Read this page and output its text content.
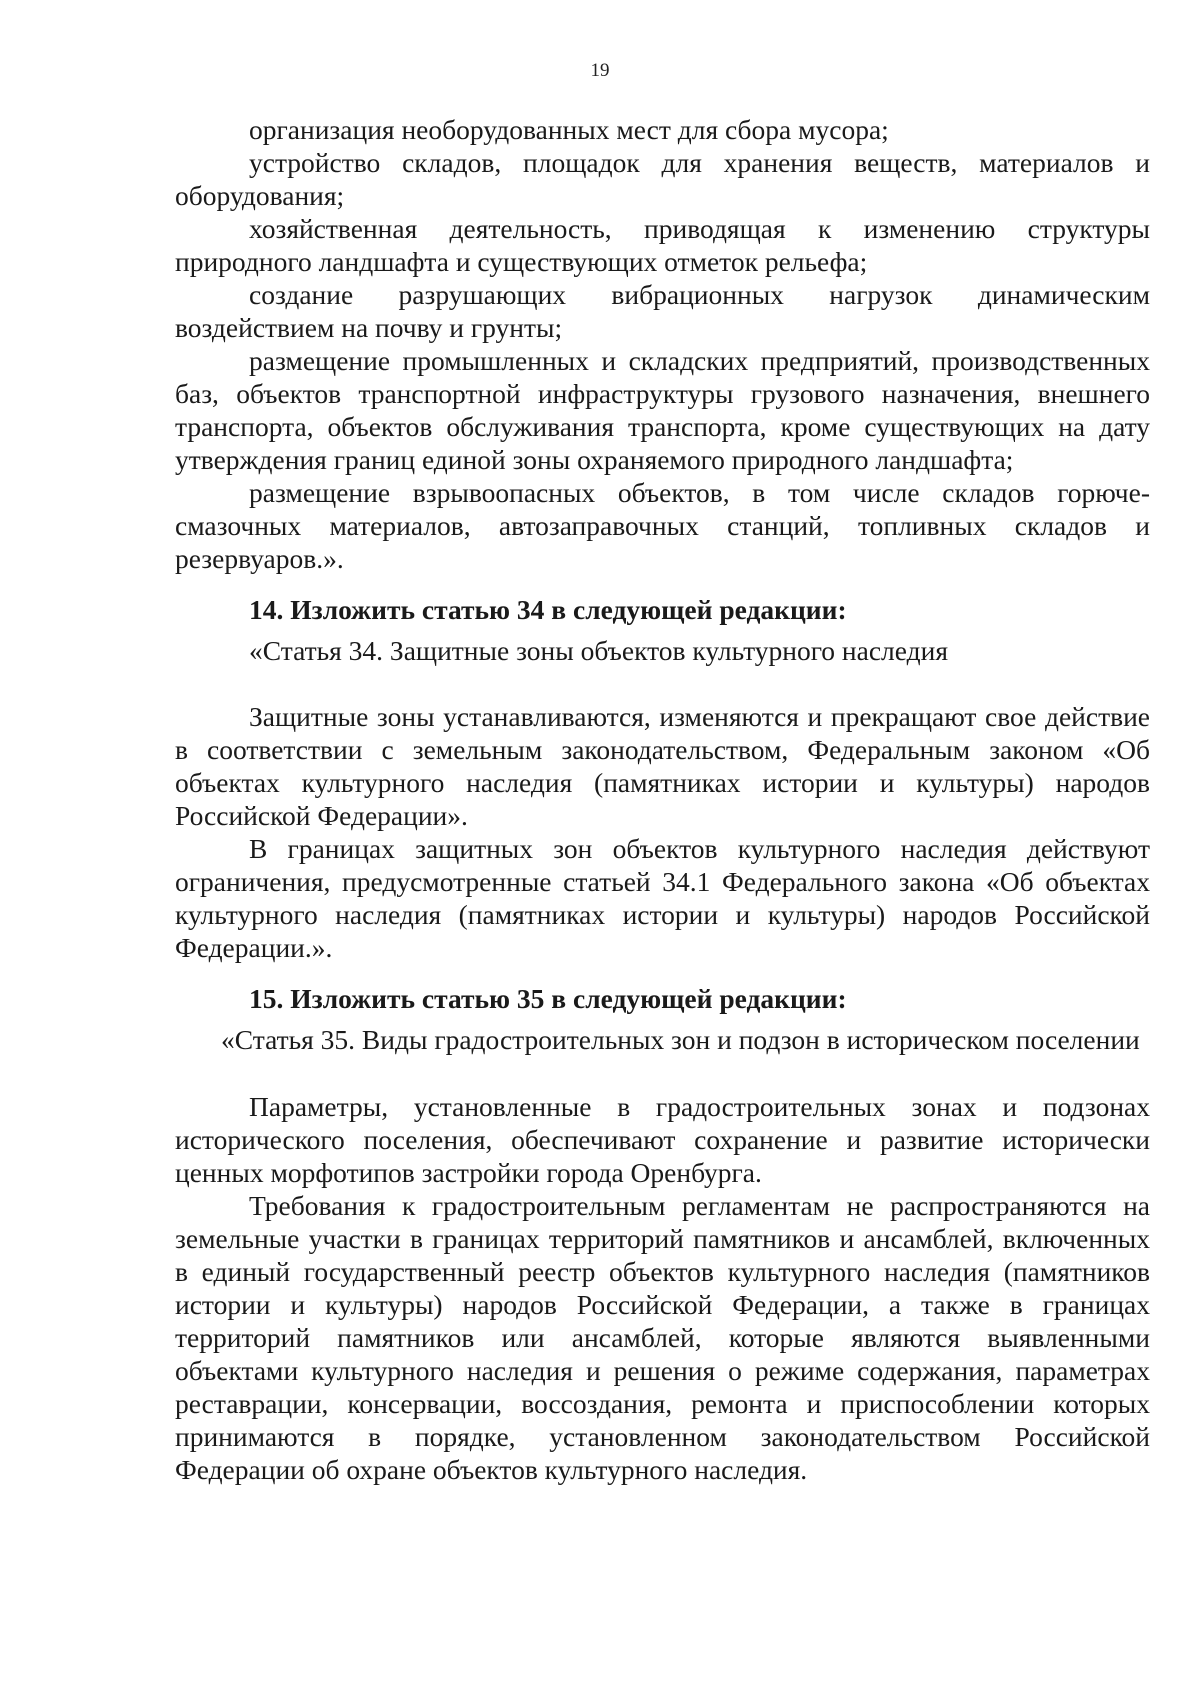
19

организация необорудованных мест для сбора мусора;

устройство складов, площадок для хранения веществ, материалов и оборудования;

хозяйственная деятельность, приводящая к изменению структуры природного ландшафта и существующих отметок рельефа;

создание разрушающих вибрационных нагрузок динамическим воздействием на почву и грунты;

размещение промышленных и складских предприятий, производственных баз, объектов транспортной инфраструктуры грузового назначения, внешнего транспорта, объектов обслуживания транспорта, кроме существующих на дату утверждения границ единой зоны охраняемого природного ландшафта;

размещение взрывоопасных объектов, в том числе складов горюче-смазочных материалов, автозаправочных станций, топливных складов и резервуаров.».

14. Изложить статью 34 в следующей редакции:

«Статья 34. Защитные зоны объектов культурного наследия

Защитные зоны устанавливаются, изменяются и прекращают свое действие в соответствии с земельным законодательством, Федеральным законом «Об объектах культурного наследия (памятниках истории и культуры) народов Российской Федерации».

В границах защитных зон объектов культурного наследия действуют ограничения, предусмотренные статьей 34.1 Федерального закона «Об объектах культурного наследия (памятниках истории и культуры) народов Российской Федерации.».

15. Изложить статью 35 в следующей редакции:

«Статья 35. Виды градостроительных зон и подзон в историческом поселении

Параметры, установленные в градостроительных зонах и подзонах исторического поселения, обеспечивают сохранение и развитие исторически ценных морфотипов застройки города Оренбурга.

Требования к градостроительным регламентам не распространяются на земельные участки в границах территорий памятников и ансамблей, включенных в единый государственный реестр объектов культурного наследия (памятников истории и культуры) народов Российской Федерации, а также в границах территорий памятников или ансамблей, которые являются выявленными объектами культурного наследия и решения о режиме содержания, параметрах реставрации, консервации, воссоздания, ремонта и приспособлении которых принимаются в порядке, установленном законодательством Российской Федерации об охране объектов культурного наследия.
